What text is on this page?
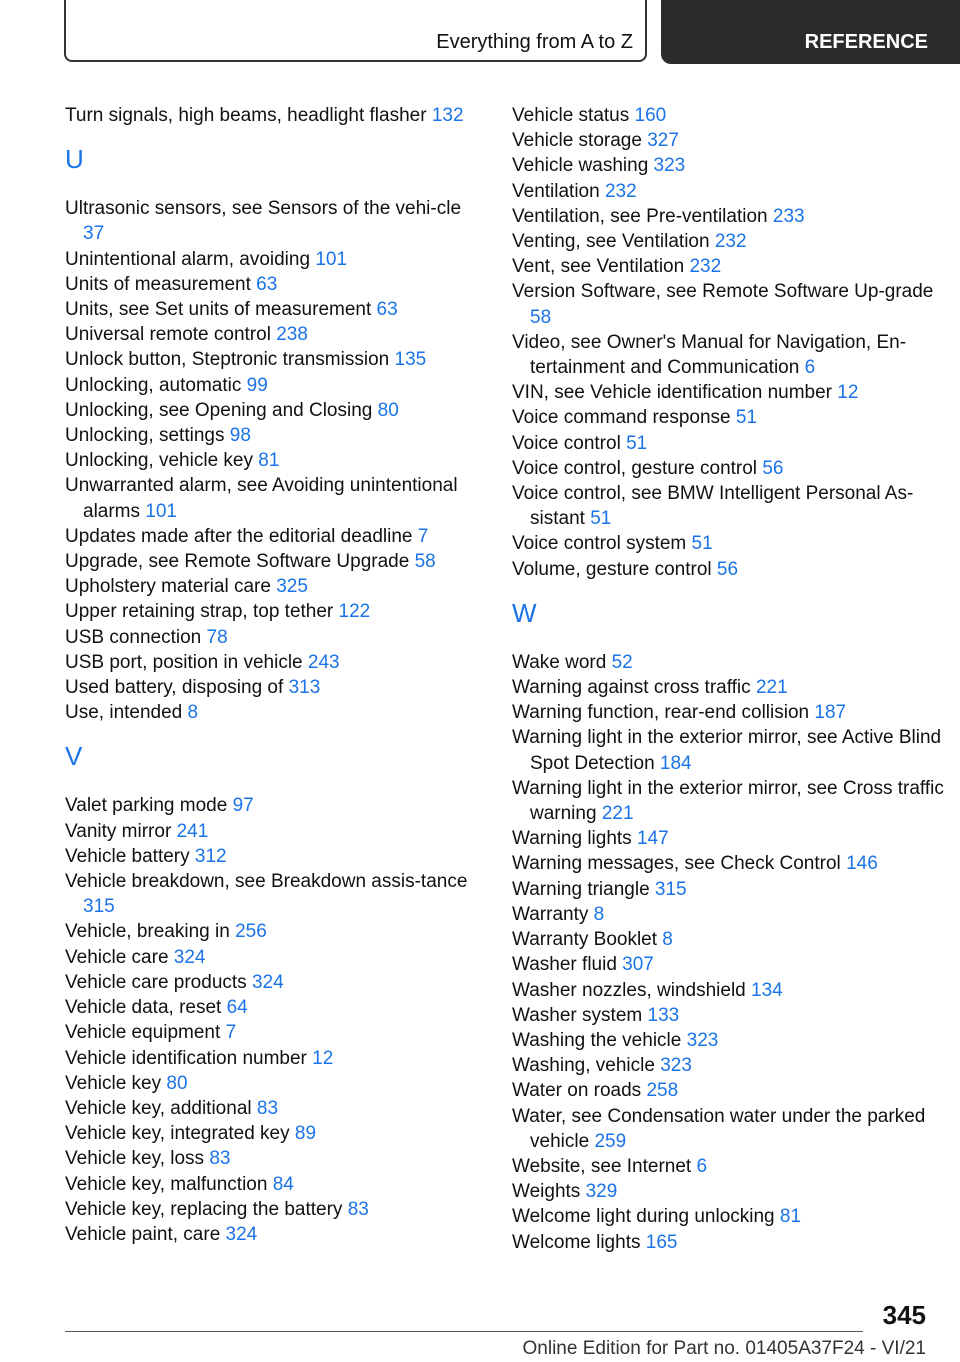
Everything from A to Z	REFERENCE

Turn signals, high beams, headlight flasher 132

U

Ultrasonic sensors, see Sensors of the vehi‐cle 37

Unintentional alarm, avoiding 101

Units of measurement 63

Units, see Set units of measurement 63

Universal remote control 238

Unlock button, Steptronic transmission 135

Unlocking, automatic 99

Unlocking, see Opening and Closing 80

Unlocking, settings 98

Unlocking, vehicle key 81

Unwarranted alarm, see Avoiding unintentional alarms 101

Updates made after the editorial deadline 7

Upgrade, see Remote Software Upgrade 58

Upholstery material care 325

Upper retaining strap, top tether 122

USB connection 78

USB port, position in vehicle 243

Used battery, disposing of 313

Use, intended 8

V

Valet parking mode 97

Vanity mirror 241

Vehicle battery 312

Vehicle breakdown, see Breakdown assis‐tance 315

Vehicle, breaking in 256

Vehicle care 324

Vehicle care products 324

Vehicle data, reset 64

Vehicle equipment 7

Vehicle identification number 12

Vehicle key 80

Vehicle key, additional 83

Vehicle key, integrated key 89

Vehicle key, loss 83

Vehicle key, malfunction 84

Vehicle key, replacing the battery 83

Vehicle paint, care 324

Vehicle status 160

Vehicle storage 327

Vehicle washing 323

Ventilation 232

Ventilation, see Pre-ventilation 233

Venting, see Ventilation 232

Vent, see Ventilation 232

Version Software, see Remote Software Up‐grade 58

Video, see Owner's Manual for Navigation, En‐tertainment and Communication 6

VIN, see Vehicle identification number 12

Voice command response 51

Voice control 51

Voice control, gesture control 56

Voice control, see BMW Intelligent Personal As‐sistant 51

Voice control system 51

Volume, gesture control 56

W

Wake word 52

Warning against cross traffic 221

Warning function, rear-end collision 187

Warning light in the exterior mirror, see Active Blind Spot Detection 184

Warning light in the exterior mirror, see Cross traffic warning 221

Warning lights 147

Warning messages, see Check Control 146

Warning triangle 315

Warranty 8

Warranty Booklet 8

Washer fluid 307

Washer nozzles, windshield 134

Washer system 133

Washing the vehicle 323

Washing, vehicle 323

Water on roads 258

Water, see Condensation water under the parked vehicle 259

Website, see Internet 6

Weights 329

Welcome light during unlocking 81

Welcome lights 165

345
Online Edition for Part no. 01405A37F24 - VI/21
